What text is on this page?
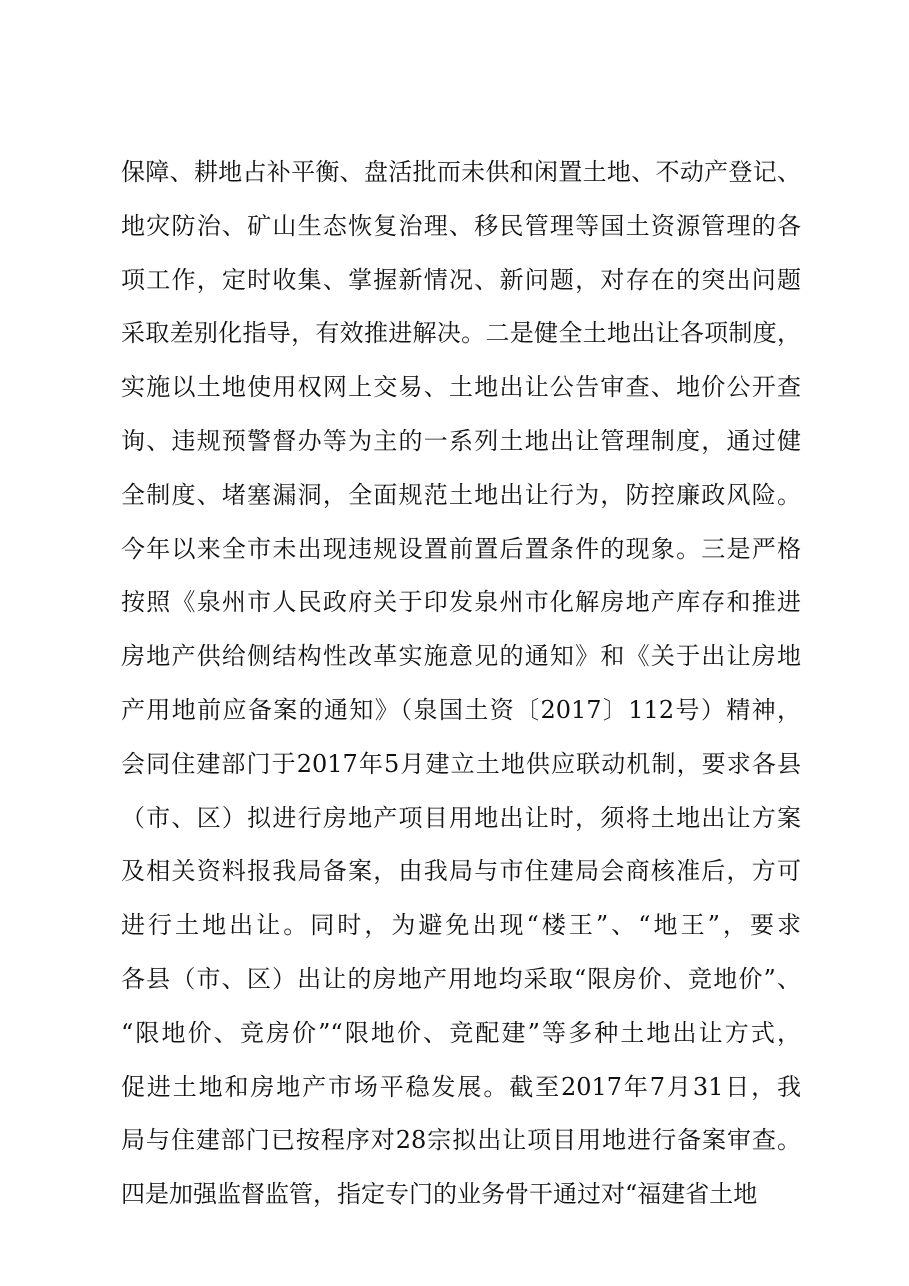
保障、耕地占补平衡、盘活批而未供和闲置土地、不动产登记、
地灾防治、矿山生态恢复治理、移民管理等国土资源管理的各
项工作，定时收集、掌握新情况、新问题，对存在的突出问题
采取差别化指导，有效推进解决。二是健全土地出让各项制度，
实施以土地使用权网上交易、土地出让公告审查、地价公开查
询、违规预警督办等为主的一系列土地出让管理制度，通过健
全制度、堵塞漏洞，全面规范土地出让行为，防控廉政风险。
今年以来全市未出现违规设置前置后置条件的现象。三是严格
按照《泉州市人民政府关于印发泉州市化解房地产库存和推进
房地产供给侧结构性改革实施意见的通知》和《关于出让房地
产用地前应备案的通知》（泉国土资〔2017〕112号）精神，
会同住建部门于2017年5月建立土地供应联动机制，要求各县
（市、区）拟进行房地产项目用地出让时，须将土地出让方案
及相关资料报我局备案，由我局与市住建局会商核准后，方可
进行土地出让。同时，为避免出现“楼王”、“地王”，要求
各县（市、区）出让的房地产用地均采取“限房价、竞地价”、
“限地价、竞房价”“限地价、竞配建”等多种土地出让方式，
促进土地和房地产市场平稳发展。截至2017年7月31日，我
局与住建部门已按程序对28宗拟出让项目用地进行备案审查。
四是加强监督监管，指定专门的业务骨干通过对“福建省土地
